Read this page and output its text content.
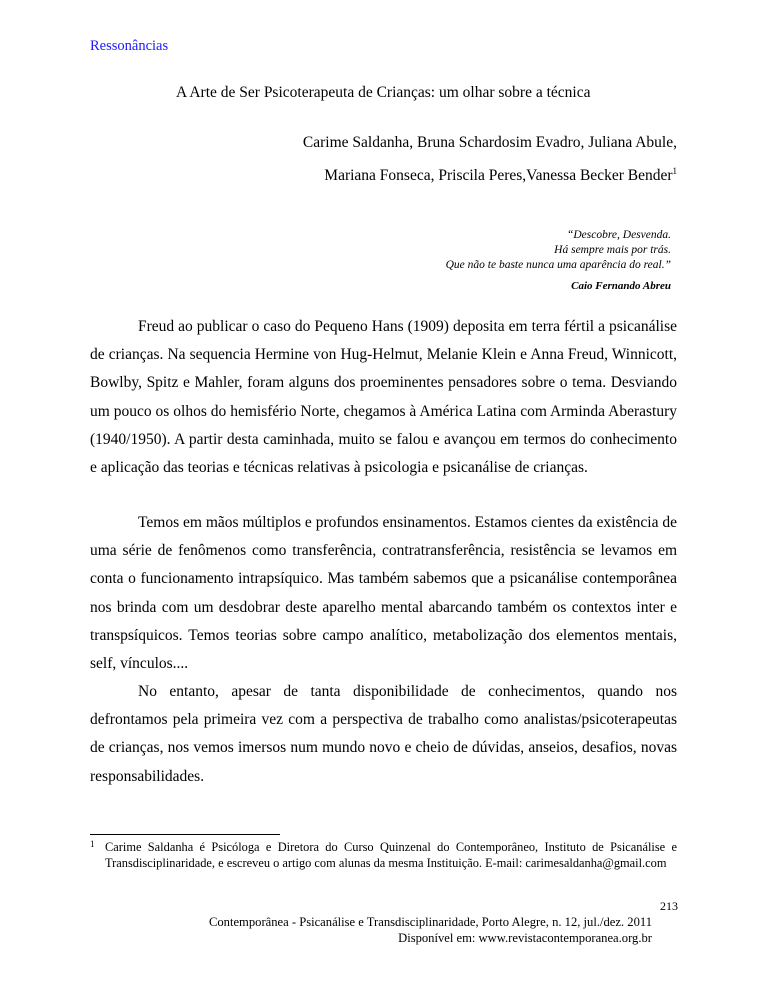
Ressonâncias
A Arte de Ser Psicoterapeuta de Crianças: um olhar sobre a técnica
Carime Saldanha, Bruna Schardosim Evadro, Juliana Abule,
Mariana Fonseca, Priscila Peres,Vanessa Becker Bender$^1$
“Descobre, Desvenda.
Há sempre mais por trás.
Que não te baste nunca uma aparência do real.”
Caio Fernando Abreu

Freud ao publicar o caso do Pequeno Hans (1909) deposita em terra fértil a psicanálise de crianças. Na sequencia Hermine von Hug-Helmut, Melanie Klein e Anna Freud, Winnicott, Bowlby, Spitz e Mahler, foram alguns dos proeminentes pensadores sobre o tema. Desviando um pouco os olhos do hemisfério Norte, chegamos à América Latina com Arminda Aberastury (1940/1950). A partir desta caminhada, muito se falou e avançou em termos do conhecimento e aplicação das teorias e técnicas relativas à psicologia e psicanálise de crianças.

Temos em mãos múltiplos e profundos ensinamentos. Estamos cientes da existência de uma série de fenômenos como transferência, contratransferência, resistência se levamos em conta o funcionamento intrapsíquico. Mas também sabemos que a psicanálise contemporânea nos brinda com um desdobrar deste aparelho mental abarcando também os contextos inter e transpsíquicos. Temos teorias sobre campo analítico, metabolização dos elementos mentais, self, vínculos....

No entanto, apesar de tanta disponibilidade de conhecimentos, quando nos defrontamos pela primeira vez com a perspectiva de trabalho como analistas/psicoterapeutas de crianças, nos vemos imersos num mundo novo e cheio de dúvidas, anseios, desafios, novas responsabilidades.

1 Carime Saldanha é Psicóloga e Diretora do Curso Quinzenal do Contemporâneo, Instituto de Psicanálise e Transdisciplinaridade, e escreveu o artigo com alunas da mesma Instituição. E-mail: carimesaldanha@gmail.com
213
Contemporânea - Psicanálise e Transdisciplinaridade, Porto Alegre, n. 12, jul./dez. 2011
Disponível em: www.revistacontemporanea.org.br
